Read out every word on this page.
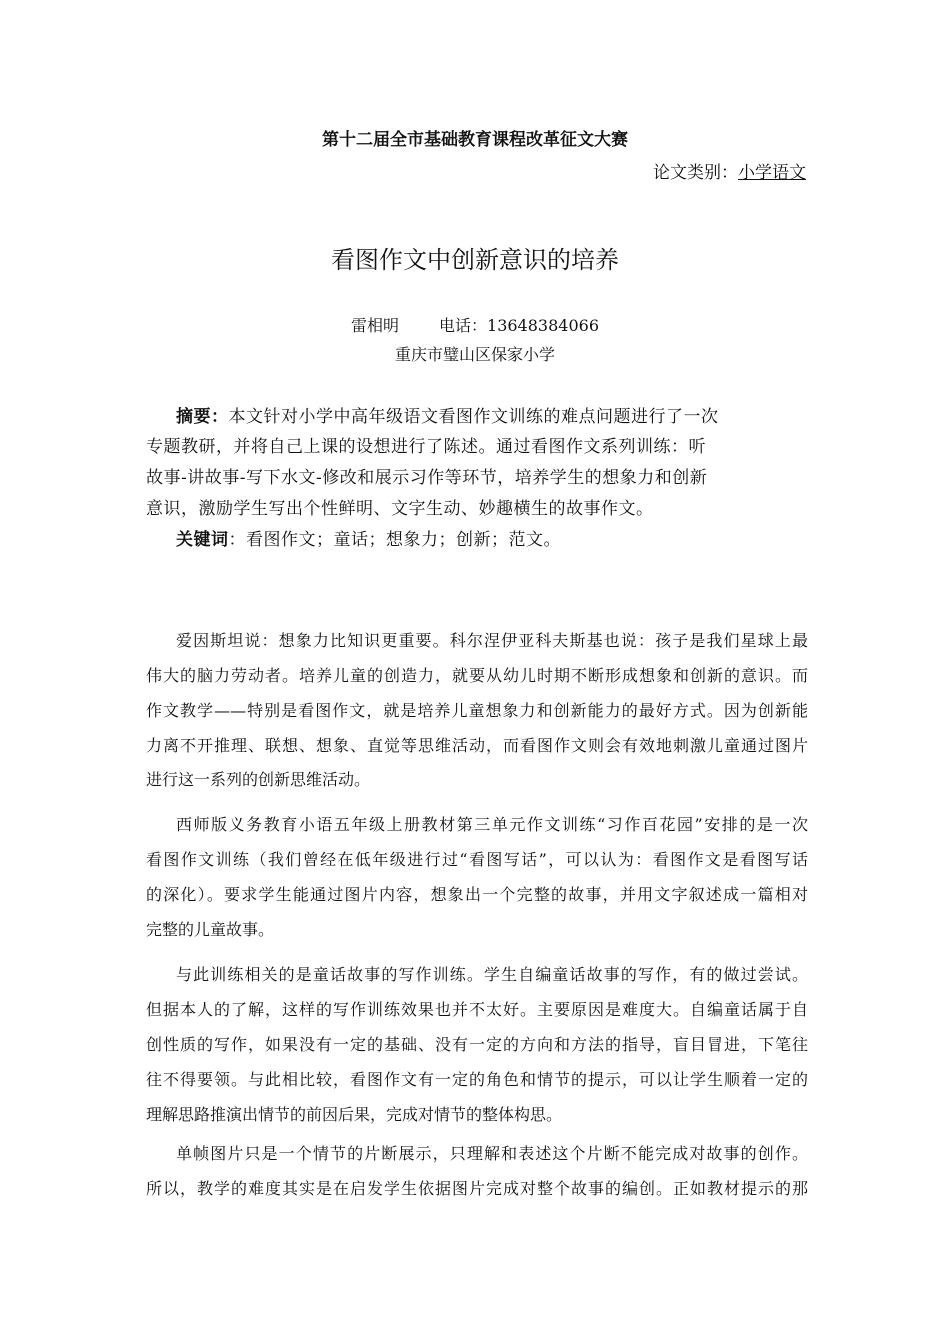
第十二届全市基础教育课程改革征文大赛
论文类别：小学语文
看图作文中创新意识的培养
雷相明	电话：13648384066
重庆市璧山区保家小学
摘要：本文针对小学中高年级语文看图作文训练的难点问题进行了一次
专题教研，并将自己上课的设想进行了陈述。通过看图作文系列训练：听
故事-讲故事-写下水文-修改和展示习作等环节，培养学生的想象力和创新
意识，激励学生写出个性鲜明、文字生动、妙趣横生的故事作文。
关键词：看图作文；童话；想象力；创新；范文。
爱因斯坦说：想象力比知识更重要。科尔涅伊亚科夫斯基也说：孩子是我们星球上最
伟大的脑力劳动者。培养儿童的创造力，就要从幼儿时期不断形成想象和创新的意识。而
作文教学——特别是看图作文，就是培养儿童想象力和创新能力的最好方式。因为创新能
力离不开推理、联想、想象、直觉等思维活动，而看图作文则会有效地刺激儿童通过图片
进行这一系列的创新思维活动。
西师版义务教育小语五年级上册教材第三单元作文训练“习作百花园”安排的是一次
看图作文训练（我们曾经在低年级进行过“看图写话”，可以认为：看图作文是看图写话
的深化）。要求学生能通过图片内容，想象出一个完整的故事，并用文字叙述成一篇相对
完整的儿童故事。
与此训练相关的是童话故事的写作训练。学生自编童话故事的写作，有的做过尝试。
但据本人的了解，这样的写作训练效果也并不太好。主要原因是难度大。自编童话属于自
创性质的写作，如果没有一定的基础、没有一定的方向和方法的指导，盲目冒进，下笔往
往不得要领。与此相比较，看图作文有一定的角色和情节的提示，可以让学生顺着一定的
理解思路推演出情节的前因后果，完成对情节的整体构思。
单帧图片只是一个情节的片断展示，只理解和表述这个片断不能完成对故事的创作。
所以，教学的难度其实是在启发学生依据图片完成对整个故事的编创。正如教材提示的那
